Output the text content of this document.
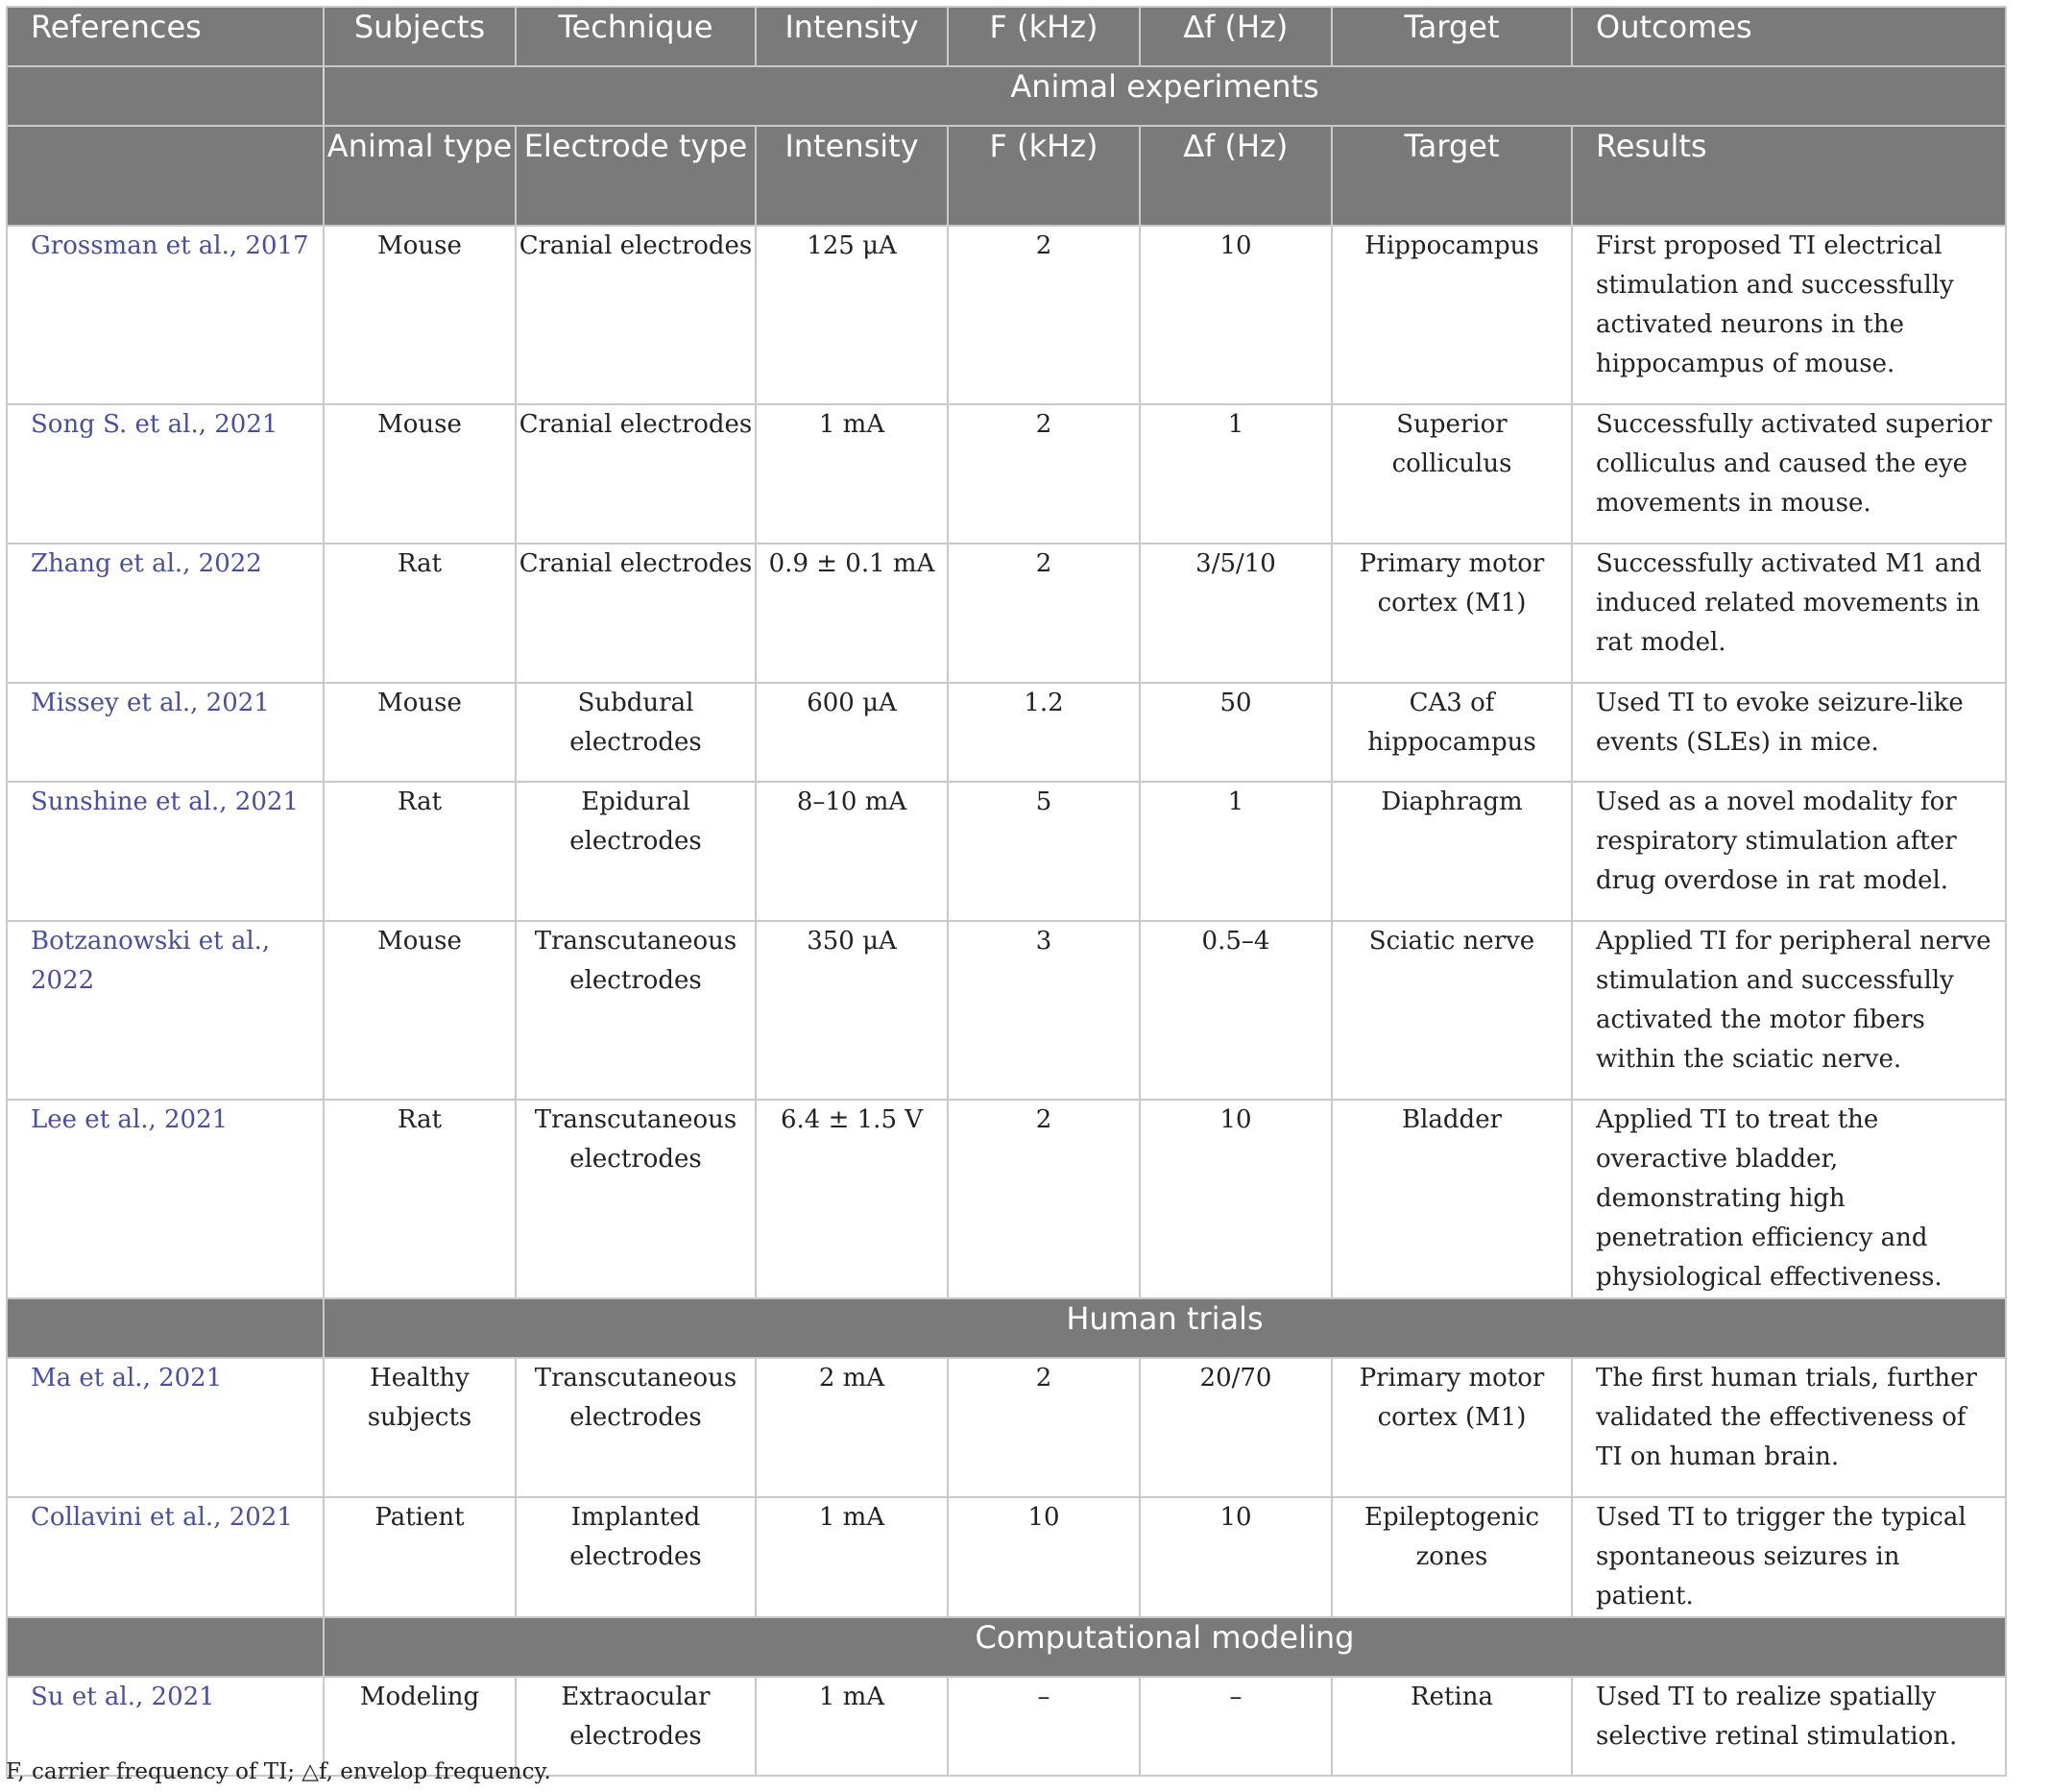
References	Subjects	Technique	Intensity	F (kHz)	∆f (Hz)	Target	Outcomes
	Animal experiments						
	Animal type	Electrode type	Intensity	F (kHz)	∆f (Hz)	Target	Results
Grossman et al., 2017	Mouse	Cranial electrodes	125 μA	2	10	Hippocampus	First proposed TI electrical stimulation and successfully activated neurons in the hippocampus of mouse.
Song S. et al., 2021	Mouse	Cranial electrodes	1 mA	2	1	Superior colliculus	Successfully activated superior colliculus and caused the eye movements in mouse.
Zhang et al., 2022	Rat	Cranial electrodes	0.9 ± 0.1 mA	2	3/5/10	Primary motor cortex (M1)	Successfully activated M1 and induced related movements in rat model.
Missey et al., 2021	Mouse	Subdural electrodes	600 μA	1.2	50	CA3 of hippocampus	Used TI to evoke seizure-like events (SLEs) in mice.
Sunshine et al., 2021	Rat	Epidural electrodes	8–10 mA	5	1	Diaphragm	Used as a novel modality for respiratory stimulation after drug overdose in rat model.
Botzanowski et al., 2022	Mouse	Transcutaneous electrodes	350 μA	3	0.5–4	Sciatic nerve	Applied TI for peripheral nerve stimulation and successfully activated the motor fibers within the sciatic nerve.
Lee et al., 2021	Rat	Transcutaneous electrodes	6.4 ± 1.5 V	2	10	Bladder	Applied TI to treat the overactive bladder, demonstrating high penetration efficiency and physiological effectiveness.
	Human trials						
Ma et al., 2021	Healthy subjects	Transcutaneous electrodes	2 mA	2	20/70	Primary motor cortex (M1)	The first human trials, further validated the effectiveness of TI on human brain.
Collavini et al., 2021	Patient	Implanted electrodes	1 mA	10	10	Epileptogenic zones	Used TI to trigger the typical spontaneous seizures in patient.
	Computational modeling						
Su et al., 2021	Modeling	Extraocular electrodes	1 mA	–	–	Retina	Used TI to realize spatially selective retinal stimulation.
F, carrier frequency of TI; △f, envelop frequency.
